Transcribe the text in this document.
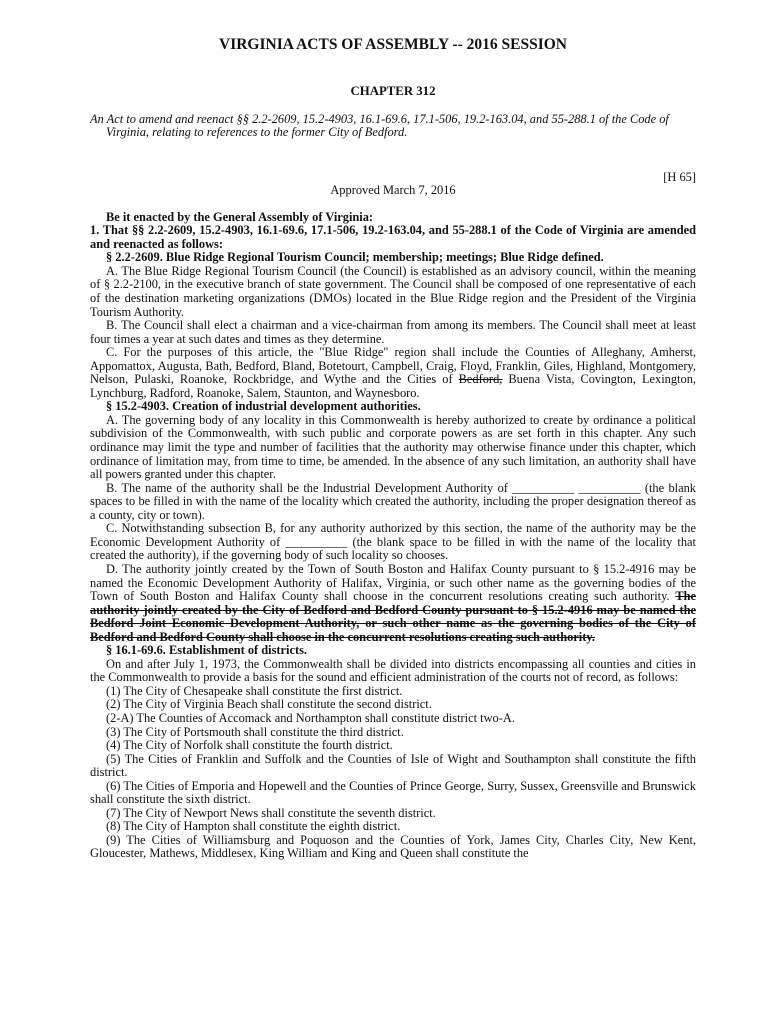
VIRGINIA ACTS OF ASSEMBLY -- 2016 SESSION
CHAPTER 312
An Act to amend and reenact §§ 2.2-2609, 15.2-4903, 16.1-69.6, 17.1-506, 19.2-163.04, and 55-288.1 of the Code of Virginia, relating to references to the former City of Bedford.
[H 65]
Approved March 7, 2016
Be it enacted by the General Assembly of Virginia:
1. That §§ 2.2-2609, 15.2-4903, 16.1-69.6, 17.1-506, 19.2-163.04, and 55-288.1 of the Code of Virginia are amended and reenacted as follows:
§ 2.2-2609. Blue Ridge Regional Tourism Council; membership; meetings; Blue Ridge defined.
A. The Blue Ridge Regional Tourism Council (the Council) is established as an advisory council, within the meaning of § 2.2-2100, in the executive branch of state government. The Council shall be composed of one representative of each of the destination marketing organizations (DMOs) located in the Blue Ridge region and the President of the Virginia Tourism Authority.
B. The Council shall elect a chairman and a vice-chairman from among its members. The Council shall meet at least four times a year at such dates and times as they determine.
C. For the purposes of this article, the "Blue Ridge" region shall include the Counties of Alleghany, Amherst, Appomattox, Augusta, Bath, Bedford, Bland, Botetourt, Campbell, Craig, Floyd, Franklin, Giles, Highland, Montgomery, Nelson, Pulaski, Roanoke, Rockbridge, and Wythe and the Cities of Bedford, Buena Vista, Covington, Lexington, Lynchburg, Radford, Roanoke, Salem, Staunton, and Waynesboro.
§ 15.2-4903. Creation of industrial development authorities.
A. The governing body of any locality in this Commonwealth is hereby authorized to create by ordinance a political subdivision of the Commonwealth, with such public and corporate powers as are set forth in this chapter. Any such ordinance may limit the type and number of facilities that the authority may otherwise finance under this chapter, which ordinance of limitation may, from time to time, be amended. In the absence of any such limitation, an authority shall have all powers granted under this chapter.
B. The name of the authority shall be the Industrial Development Authority of __________ __________ (the blank spaces to be filled in with the name of the locality which created the authority, including the proper designation thereof as a county, city or town).
C. Notwithstanding subsection B, for any authority authorized by this section, the name of the authority may be the Economic Development Authority of __________ (the blank space to be filled in with the name of the locality that created the authority), if the governing body of such locality so chooses.
D. The authority jointly created by the Town of South Boston and Halifax County pursuant to § 15.2-4916 may be named the Economic Development Authority of Halifax, Virginia, or such other name as the governing bodies of the Town of South Boston and Halifax County shall choose in the concurrent resolutions creating such authority. The authority jointly created by the City of Bedford and Bedford County pursuant to § 15.2-4916 may be named the Bedford Joint Economic Development Authority, or such other name as the governing bodies of the City of Bedford and Bedford County shall choose in the concurrent resolutions creating such authority.
§ 16.1-69.6. Establishment of districts.
On and after July 1, 1973, the Commonwealth shall be divided into districts encompassing all counties and cities in the Commonwealth to provide a basis for the sound and efficient administration of the courts not of record, as follows:
(1) The City of Chesapeake shall constitute the first district.
(2) The City of Virginia Beach shall constitute the second district.
(2-A) The Counties of Accomack and Northampton shall constitute district two-A.
(3) The City of Portsmouth shall constitute the third district.
(4) The City of Norfolk shall constitute the fourth district.
(5) The Cities of Franklin and Suffolk and the Counties of Isle of Wight and Southampton shall constitute the fifth district.
(6) The Cities of Emporia and Hopewell and the Counties of Prince George, Surry, Sussex, Greensville and Brunswick shall constitute the sixth district.
(7) The City of Newport News shall constitute the seventh district.
(8) The City of Hampton shall constitute the eighth district.
(9) The Cities of Williamsburg and Poquoson and the Counties of York, James City, Charles City, New Kent, Gloucester, Mathews, Middlesex, King William and King and Queen shall constitute the
